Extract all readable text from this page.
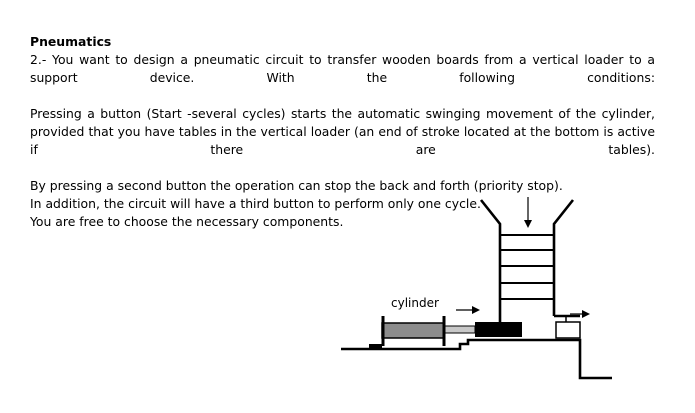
Pneumatics

2.- You want to design a pneumatic circuit to transfer wooden boards from a vertical loader to a support device. With the following conditions:

Pressing a button (Start -several cycles) starts the automatic swinging movement of the cylinder, provided that you have tables in the vertical loader (an end of stroke located at the bottom is active if there are tables).

By pressing a second button the operation can stop the back and forth (priority stop).

In addition, the circuit will have a third button to perform only one cycle.

You are free to choose the necessary components.

cylinder
